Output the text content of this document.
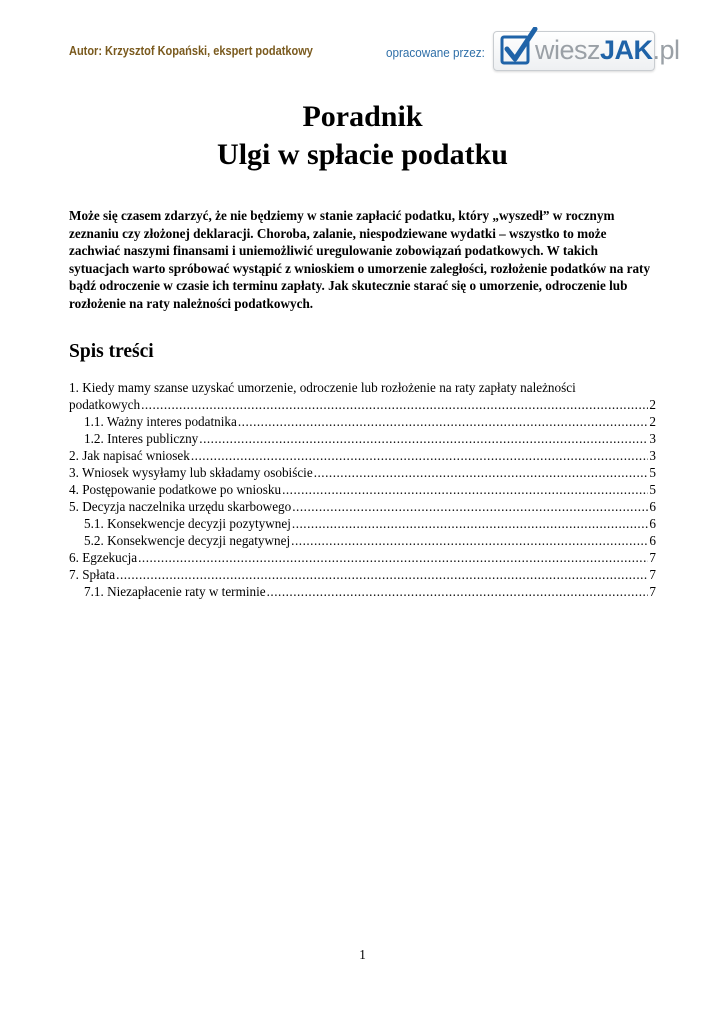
Autor: Krzysztof Kopański, ekspert podatkowy	opracowane przez: wieszJAK.pl
Poradnik
Ulgi w spłacie podatku

Może się czasem zdarzyć, że nie będziemy w stanie zapłacić podatku, który „wyszedł” w rocznym zeznaniu czy złożonej deklaracji. Choroba, zalanie, niespodziewane wydatki – wszystko to może zachwiać naszymi finansami i uniemożliwić uregulowanie zobowiązań podatkowych. W takich sytuacjach warto spróbować wystąpić z wnioskiem o umorzenie zaległości, rozłożenie podatków na raty bądź odroczenie w czasie ich terminu zapłaty. Jak skutecznie starać się o umorzenie, odroczenie lub rozłożenie na raty należności podatkowych.

Spis treści
1. Kiedy mamy szanse uzyskać umorzenie, odroczenie lub rozłożenie na raty zapłaty należności
podatkowych .....	2
1.1. Ważny interes podatnika .....	2
1.2. Interes publiczny .....	3
2. Jak napisać wniosek .....	3
3. Wniosek wysyłamy lub składamy osobiście .....	5
4. Postępowanie podatkowe po wniosku .....	5
5. Decyzja naczelnika urzędu skarbowego .....	6
5.1. Konsekwencje decyzji pozytywnej .....	6
5.2. Konsekwencje decyzji negatywnej .....	6
6. Egzekucja .....	7
7. Spłata .....	7
7.1. Niezapłacenie raty w terminie .....	7
1
